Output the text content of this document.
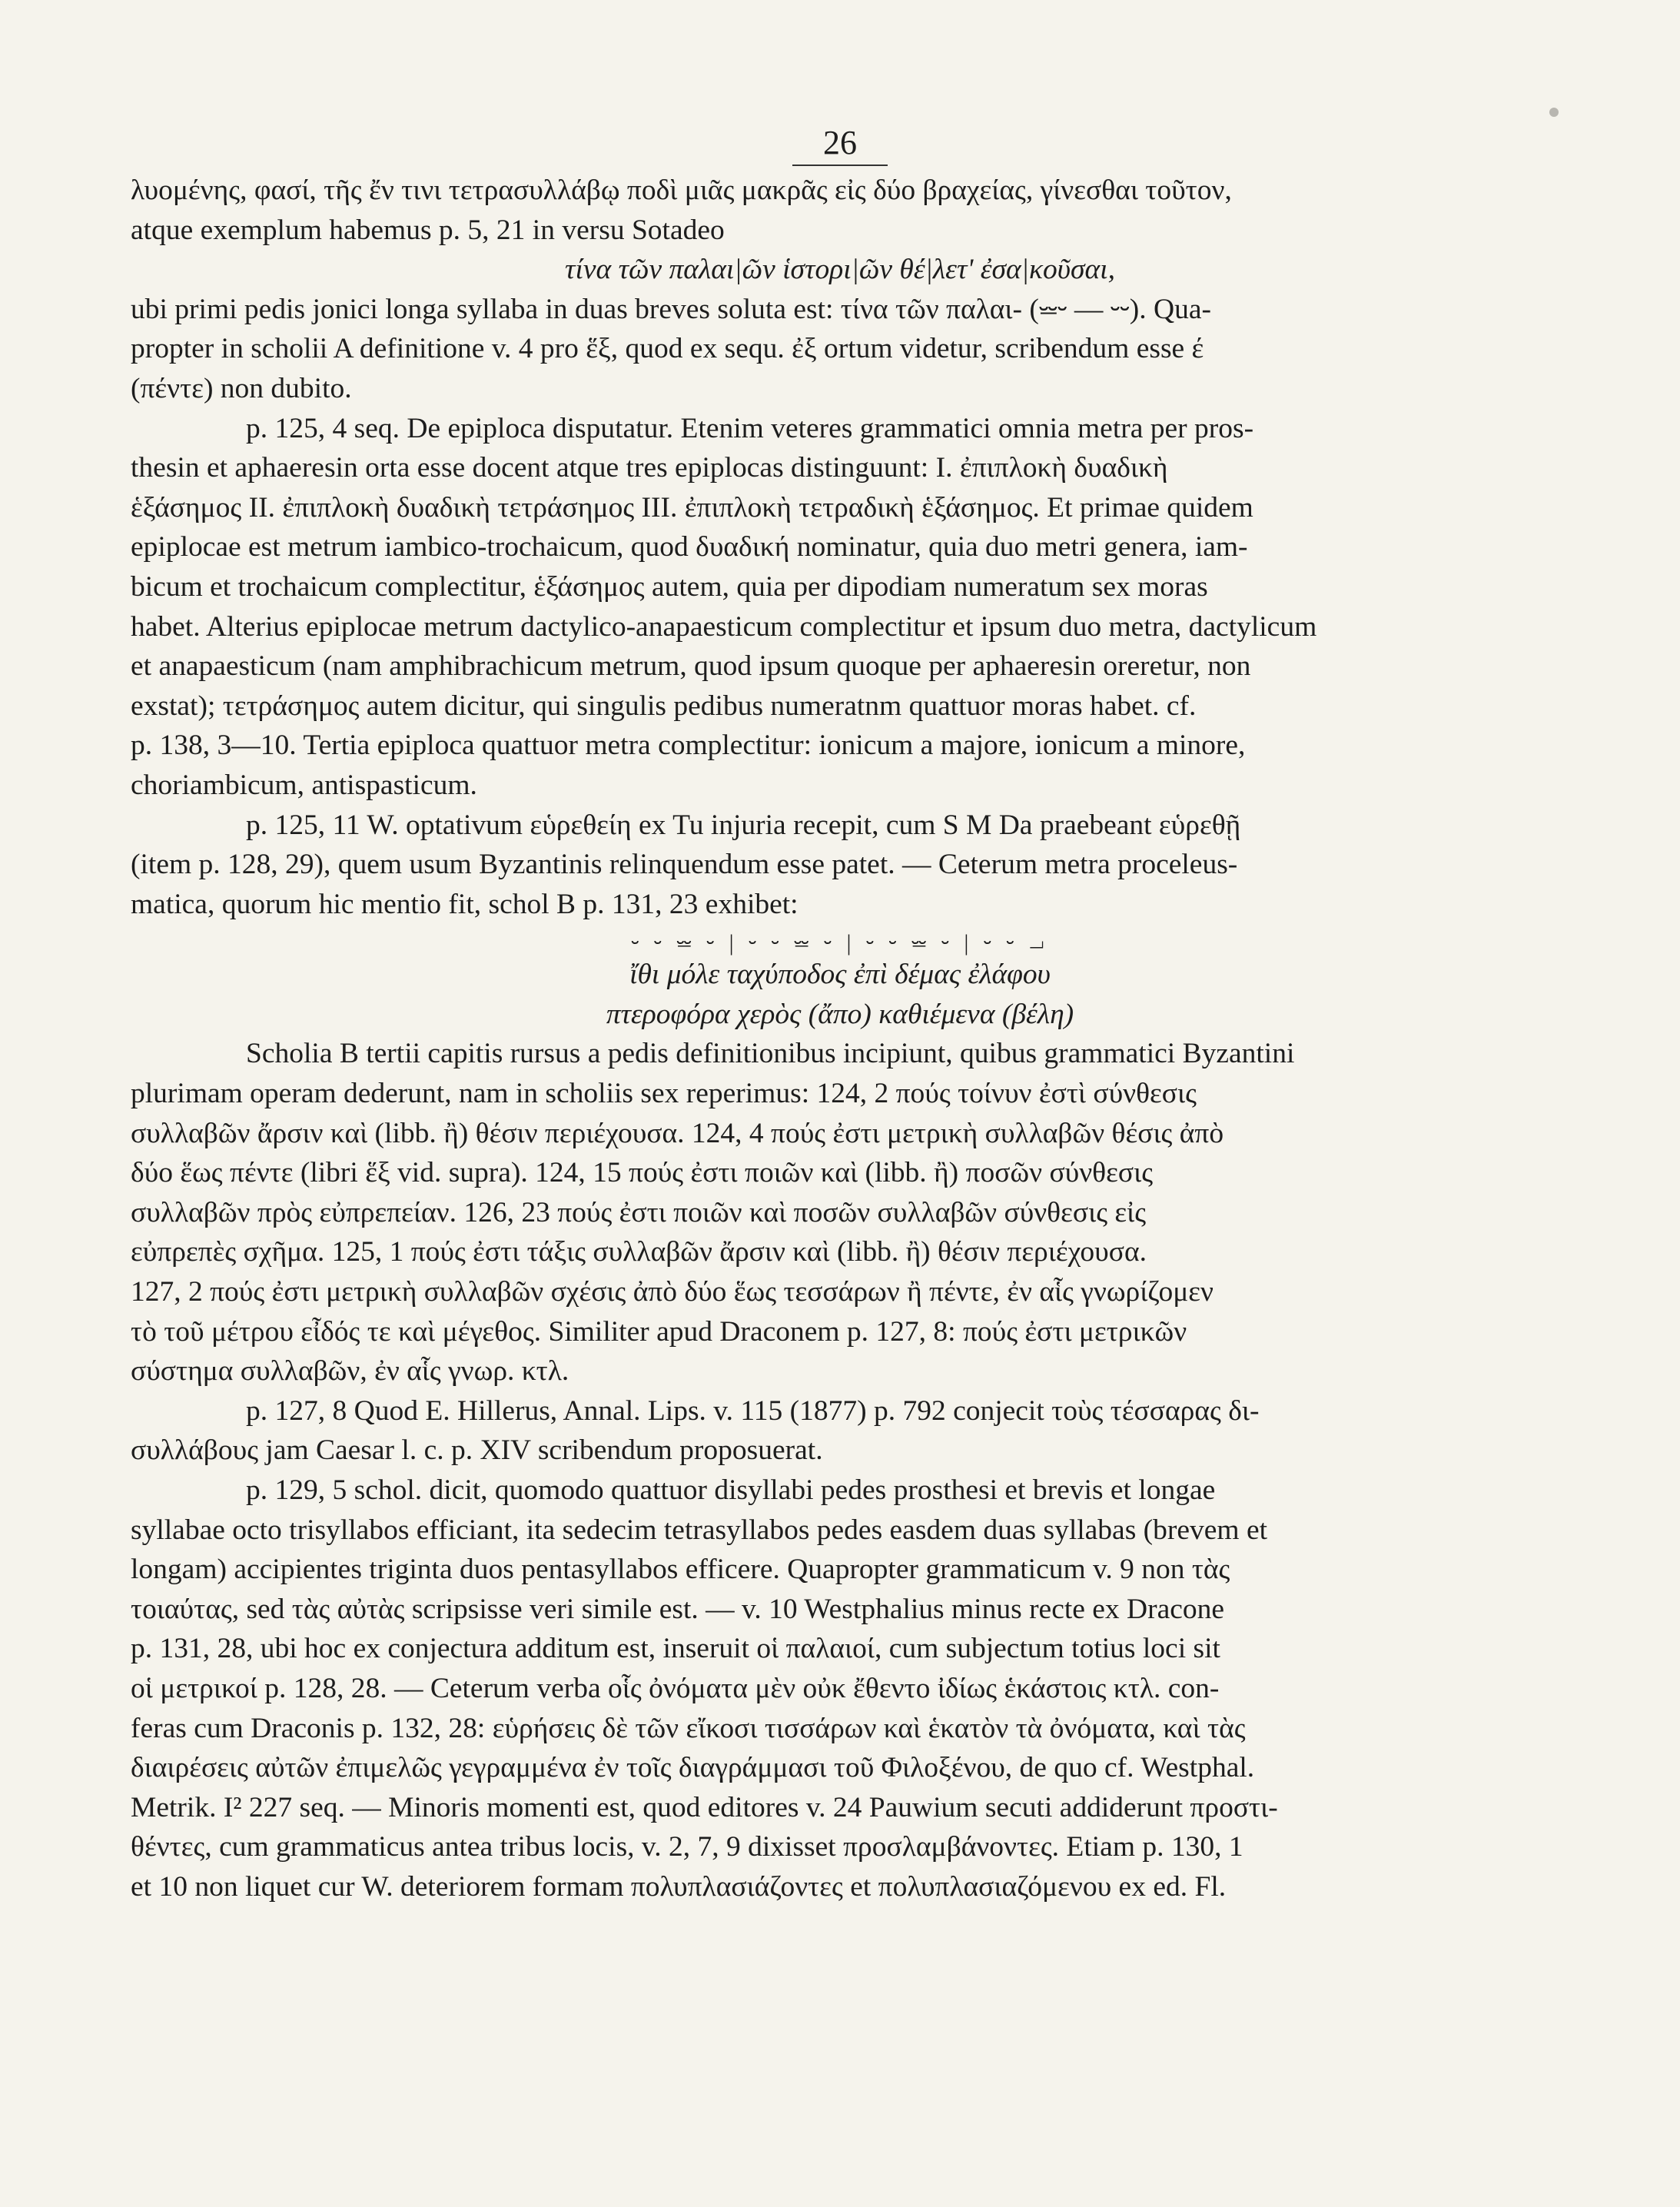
26

λυομένης, φασί, τῆς ἔν τινι τετρασυλλάβῳ ποδὶ μιᾶς μακρᾶς εἰς δύο βραχείας, γίνεσθαι τοῦτον,
atque exemplum habemus p. 5, 21 in versu Sotadeo

τίνα τῶν παλαι|ῶν ἱστορι|ῶν θέ|λετ' ἐσα|κοῦσαι,

ubi primi pedis jonici longa syllaba in duas breves soluta est: τίνα τῶν παλαι- (⏕⏑ — ⏑⏑). Qua-
propter in scholii A definitione v. 4 pro ἕξ, quod ex sequ. ἐξ ortum videtur, scribendum esse έ
(πέντε) non dubito.

p. 125, 4 seq. De epiploca disputatur. Etenim veteres grammatici omnia metra per pros-
thesin et aphaeresin orta esse docent atque tres epiplocas distinguunt: I. ἐπιπλοκὴ δυαδικὴ
ἑξάσημος II. ἐπιπλοκὴ δυαδικὴ τετράσημος III. ἐπιπλοκὴ τετραδικὴ ἑξάσημος. Et primae quidem
epiplocae est metrum iambico-trochaicum, quod δυαδική nominatur, quia duo metri genera, iam-
bicum et trochaicum complectitur, ἑξάσημος autem, quia per dipodiam numeratum sex moras
habet. Alterius epiplocae metrum dactylico-anapaesticum complectitur et ipsum duo metra, dactylicum
et anapaesticum (nam amphibrachicum metrum, quod ipsum quoque per aphaeresin oreretur, non
exstat); τετράσημος autem dicitur, qui singulis pedibus numeratnm quattuor moras habet. cf.
p. 138, 3—10. Tertia epiploca quattuor metra complectitur: ionicum a majore, ionicum a minore,
choriambicum, antispasticum.

p. 125, 11 W. optativum εὑρεθείη ex Tu injuria recepit, cum S M Da praebeant εὑρεθῇ
(item p. 128, 29), quem usum Byzantinis relinquendum esse patet. — Ceterum metra proceleus-
matica, quorum hic mentio fit, schol B p. 131, 23 exhibet:

⏑ ⏑ ⏕ ⏑ | ⏑ ⏑ ⏕ ⏑ | ⏑ ⏑ ⏕ ⏑ | ⏑ ⏑ ⏗
ἴθι μόλε ταχύποδος ἐπὶ δέμας ἐλάφου
πτεροφόρα χερὸς (ἄπο) καθιέμενα (βέλη)

Scholia B tertii capitis rursus a pedis definitionibus incipiunt, quibus grammatici Byzantini
plurimam operam dederunt, nam in scholiis sex reperimus: 124, 2 πούς τοίνυν ἐστὶ σύνθεσις
συλλαβῶν ἄρσιν καὶ (libb. ἢ) θέσιν περιέχουσα. 124, 4 πούς ἐστι μετρικὴ συλλαβῶν θέσις ἀπὸ
δύο ἕως πέντε (libri ἕξ vid. supra). 124, 15 πούς ἐστι ποιῶν καὶ (libb. ἢ) ποσῶν σύνθεσις
συλλαβῶν πρὸς εὐπρεπείαν. 126, 23 πούς ἐστι ποιῶν καὶ ποσῶν συλλαβῶν σύνθεσις εἰς
εὐπρεπὲς σχῆμα. 125, 1 πούς ἐστι τάξις συλλαβῶν ἄρσιν καὶ (libb. ἢ) θέσιν περιέχουσα.
127, 2 πούς ἐστι μετρικὴ συλλαβῶν σχέσις ἀπὸ δύο ἕως τεσσάρων ἢ πέντε, ἐν αἷς γνωρίζομεν
τὸ τοῦ μέτρου εἶδός τε καὶ μέγεθος. Similiter apud Draconem p. 127, 8: πούς ἐστι μετρικῶν
σύστημα συλλαβῶν, ἐν αἷς γνωρ. κτλ.

p. 127, 8 Quod E. Hillerus, Annal. Lips. v. 115 (1877) p. 792 conjecit τοὺς τέσσαρας δι-
συλλάβους jam Caesar l. c. p. XIV scribendum proposuerat.

p. 129, 5 schol. dicit, quomodo quattuor disyllabi pedes prosthesi et brevis et longae
syllabae octo trisyllabos efficiant, ita sedecim tetrasyllabos pedes easdem duas syllabas (brevem et
longam) accipientes triginta duos pentasyllabos efficere. Quapropter grammaticum v. 9 non τὰς
τοιαύτας, sed τὰς αὐτὰς scripsisse veri simile est. — v. 10 Westphalius minus recte ex Dracone
p. 131, 28, ubi hoc ex conjectura additum est, inseruit οἱ παλαιοί, cum subjectum totius loci sit
οἱ μετρικοί p. 128, 28. — Ceterum verba οἷς ὀνόματα μὲν οὐκ ἔθεντο ἰδίως ἑκάστοις κτλ. con-
feras cum Draconis p. 132, 28: εὑρήσεις δὲ τῶν εἴκοσι τισσάρων καὶ ἑκατὸν τὰ ὀνόματα, καὶ τὰς
διαιρέσεις αὐτῶν ἐπιμελῶς γεγραμμένα ἐν τοῖς διαγράμμασι τοῦ Φιλοξένου, de quo cf. Westphal.
Metrik. I² 227 seq. — Minoris momenti est, quod editores v. 24 Pauwium secuti addiderunt προστι-
θέντες, cum grammaticus antea tribus locis, v. 2, 7, 9 dixisset προσλαμβάνοντες. Etiam p. 130, 1
et 10 non liquet cur W. deteriorem formam πολυπλασιάζοντες et πολυπλασιαζόμενου ex ed. Fl.
